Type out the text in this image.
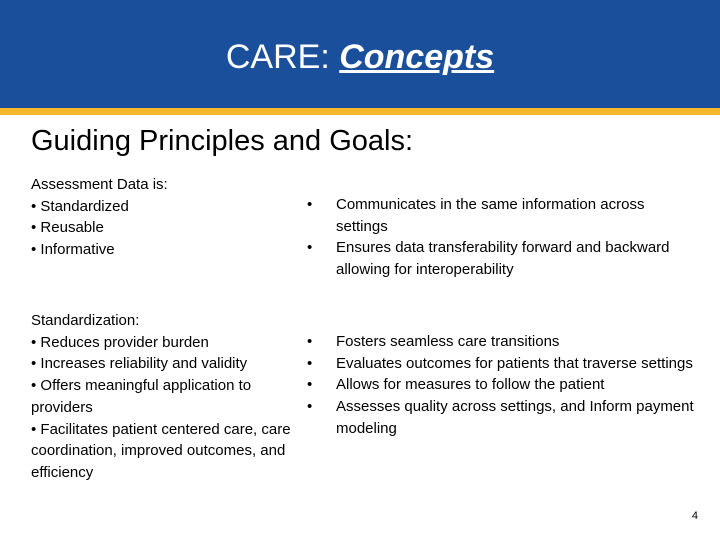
CARE: Concepts
Guiding Principles and Goals:
Assessment Data is:
• Standardized
• Reusable
• Informative
• Communicates in the same information across settings
• Ensures data transferability forward and backward allowing for interoperability
Standardization:
• Reduces provider burden
• Increases reliability and validity
• Offers meaningful application to providers
• Facilitates patient centered care, care coordination, improved outcomes, and efficiency
• Fosters seamless care transitions
• Evaluates outcomes for patients that traverse settings
• Allows for measures to follow the patient
• Assesses quality across settings, and Inform payment modeling
4
